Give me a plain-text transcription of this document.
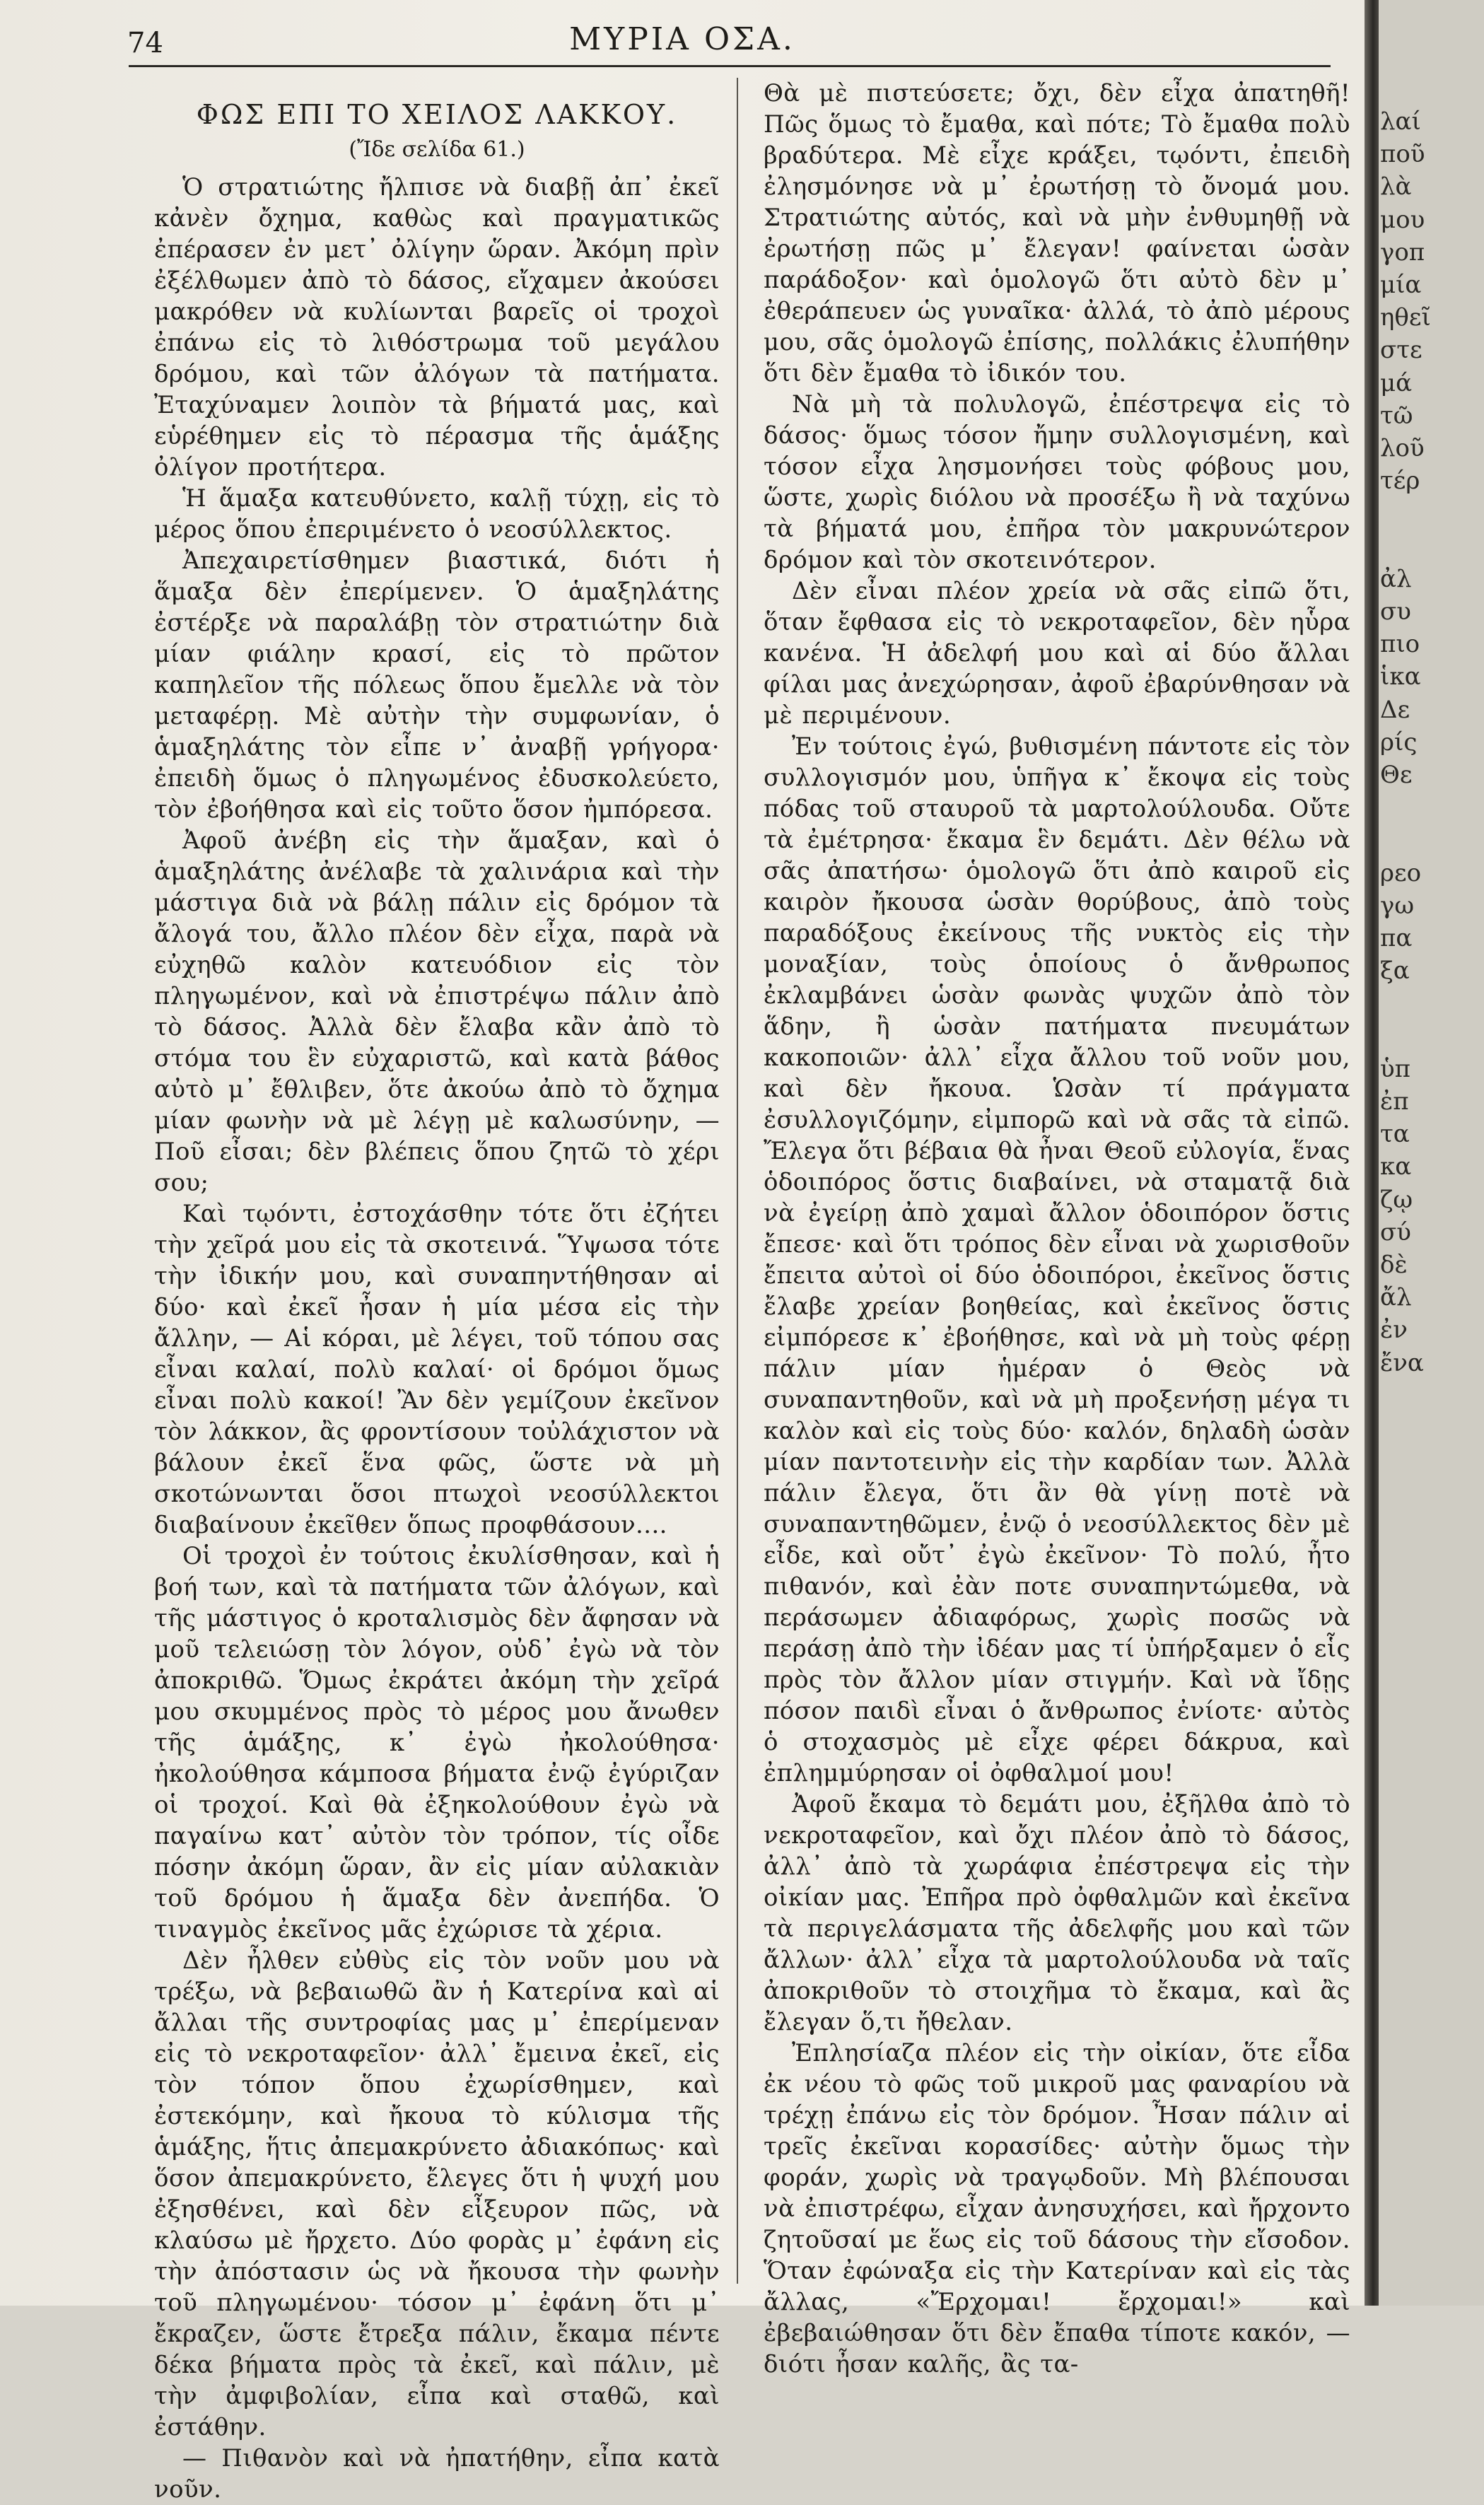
74	ΜΥΡΙΑ ΟΣΑ.
ΦΩΣ ΕΠΙ ΤΟ ΧΕΙΛΟΣ ΛΑΚΚΟΥ.
(Ἴδε σελίδα 61.)

Ὁ στρατιώτης ἤλπισε νὰ διαβῇ ἀπ᾽ ἐκεῖ κἀνὲν ὄχημα, καθὼς καὶ πραγματικῶς ἐπέρασεν ἐν μετ᾽ ὀλίγην ὥραν. Ἀκόμη πρὶν ἐξέλθωμεν ἀπὸ τὸ δάσος, εἴχαμεν ἀκούσει μακρόθεν νὰ κυλίωνται βαρεῖς οἱ τροχοὶ ἐπάνω εἰς τὸ λιθόστρωμα τοῦ μεγάλου δρόμου, καὶ τῶν ἀλόγων τὰ πατήματα. Ἐταχύναμεν λοιπὸν τὰ βήματά μας, καὶ εὑρέθημεν εἰς τὸ πέρασμα τῆς ἁμάξης ὀλίγον προτήτερα.

Ἡ ἅμαξα κατευθύνετο, καλῇ τύχῃ, εἰς τὸ μέρος ὅπου ἐπεριμένετο ὁ νεοσύλλεκτος.

Ἀπεχαιρετίσθημεν βιαστικά, διότι ἡ ἅμαξα δὲν ἐπερίμενεν. Ὁ ἁμαξηλάτης ἐστέρξε νὰ παραλάβῃ τὸν στρατιώτην διὰ μίαν φιάλην κρασί, εἰς τὸ πρῶτον καπηλεῖον τῆς πόλεως ὅπου ἔμελλε νὰ τὸν μεταφέρῃ. Μὲ αὐτὴν τὴν συμφωνίαν, ὁ ἁμαξηλάτης τὸν εἶπε ν᾽ ἀναβῇ γρήγορα· ἐπειδὴ ὅμως ὁ πληγωμένος ἐδυσκολεύετο, τὸν ἐβοήθησα καὶ εἰς τοῦτο ὅσον ἠμπόρεσα.

Ἀφοῦ ἀνέβη εἰς τὴν ἅμαξαν, καὶ ὁ ἁμαξηλάτης ἀνέλαβε τὰ χαλινάρια καὶ τὴν μάστιγα διὰ νὰ βάλῃ πάλιν εἰς δρόμον τὰ ἄλογά του, ἄλλο πλέον δὲν εἶχα, παρὰ νὰ εὐχηθῶ καλὸν κατευόδιον εἰς τὸν πληγωμένον, καὶ νὰ ἐπιστρέψω πάλιν ἀπὸ τὸ δάσος. Ἀλλὰ δὲν ἔλαβα κἂν ἀπὸ τὸ στόμα του ἓν εὐχαριστῶ, καὶ κατὰ βάθος αὐτὸ μ᾽ ἔθλιβεν, ὅτε ἀκούω ἀπὸ τὸ ὄχημα μίαν φωνὴν νὰ μὲ λέγῃ μὲ καλωσύνην, — Ποῦ εἶσαι; δὲν βλέπεις ὅπου ζητῶ τὸ χέρι σου;

Καὶ τῳόντι, ἐστοχάσθην τότε ὅτι ἐζήτει τὴν χεῖρά μου εἰς τὰ σκοτεινά. Ὕψωσα τότε τὴν ἰδικήν μου, καὶ συναπηντήθησαν αἱ δύο· καὶ ἐκεῖ ἦσαν ἡ μία μέσα εἰς τὴν ἄλλην, — Αἱ κόραι, μὲ λέγει, τοῦ τόπου σας εἶναι καλαί, πολὺ καλαί· οἱ δρόμοι ὅμως εἶναι πολὺ κακοί! Ἂν δὲν γεμίζουν ἐκεῖνον τὸν λάκκον, ἂς φροντίσουν τοὐλάχιστον νὰ βάλουν ἐκεῖ ἕνα φῶς, ὥστε νὰ μὴ σκοτώνωνται ὅσοι πτωχοὶ νεοσύλλεκτοι διαβαίνουν ἐκεῖθεν ὅπως προφθάσουν....

Οἱ τροχοὶ ἐν τούτοις ἐκυλίσθησαν, καὶ ἡ βοή των, καὶ τὰ πατήματα τῶν ἀλόγων, καὶ τῆς μάστιγος ὁ κροταλισμὸς δὲν ἄφησαν νὰ μοῦ τελειώσῃ τὸν λόγον, οὐδ᾽ ἐγὼ νὰ τὸν ἀποκριθῶ. Ὅμως ἐκράτει ἀκόμη τὴν χεῖρά μου σκυμμένος πρὸς τὸ μέρος μου ἄνωθεν τῆς ἁμάξης, κ᾽ ἐγὼ ἠκολούθησα· ἠκολούθησα κάμποσα βήματα ἐνῷ ἐγύριζαν οἱ τροχοί. Καὶ θὰ ἐξηκολούθουν ἐγὼ νὰ παγαίνω κατ᾽ αὐτὸν τὸν τρόπον, τίς οἶδε πόσην ἀκόμη ὥραν, ἂν εἰς μίαν αὐλακιὰν τοῦ δρόμου ἡ ἅμαξα δὲν ἀνεπήδα. Ὁ τιναγμὸς ἐκεῖνος μᾶς ἐχώρισε τὰ χέρια.

Δὲν ἦλθεν εὐθὺς εἰς τὸν νοῦν μου νὰ τρέξω, νὰ βεβαιωθῶ ἂν ἡ Κατερίνα καὶ αἱ ἄλλαι τῆς συντροφίας μας μ᾽ ἐπερίμεναν εἰς τὸ νεκροταφεῖον· ἀλλ᾽ ἔμεινα ἐκεῖ, εἰς τὸν τόπον ὅπου ἐχωρίσθημεν, καὶ ἐστεκόμην, καὶ ἤκουα τὸ κύλισμα τῆς ἁμάξης, ἥτις ἀπεμακρύνετο ἀδιακόπως· καὶ ὅσον ἀπεμακρύνετο, ἔλεγες ὅτι ἡ ψυχή μου ἐξησθένει, καὶ δὲν εἶξευρον πῶς, νὰ κλαύσω μὲ ἤρχετο. Δύο φορὰς μ᾽ ἐφάνη εἰς τὴν ἀπόστασιν ὡς νὰ ἤκουσα τὴν φωνὴν τοῦ πληγωμένου· τόσον μ᾽ ἐφάνη ὅτι μ᾽ ἔκραζεν, ὥστε ἔτρεξα πάλιν, ἔκαμα πέντε δέκα βήματα πρὸς τὰ ἐκεῖ, καὶ πάλιν, μὲ τὴν ἀμφιβολίαν, εἶπα καὶ σταθῶ, καὶ ἐστάθην.

— Πιθανὸν καὶ νὰ ἠπατήθην, εἶπα κατὰ νοῦν.

Θὰ μὲ πιστεύσετε; ὄχι, δὲν εἶχα ἀπατηθῆ! Πῶς ὅμως τὸ ἔμαθα, καὶ πότε; Τὸ ἔμαθα πολὺ βραδύτερα. Μὲ εἶχε κράξει, τῳόντι, ἐπειδὴ ἐλησμόνησε νὰ μ᾽ ἐρωτήσῃ τὸ ὄνομά μου. Στρατιώτης αὐτός, καὶ νὰ μὴν ἐνθυμηθῇ νὰ ἐρωτήσῃ πῶς μ᾽ ἔλεγαν! φαίνεται ὡσὰν παράδοξον· καὶ ὁμολογῶ ὅτι αὐτὸ δὲν μ᾽ ἐθεράπευεν ὡς γυναῖκα· ἀλλά, τὸ ἀπὸ μέρους μου, σᾶς ὁμολογῶ ἐπίσης, πολλάκις ἐλυπήθην ὅτι δὲν ἔμαθα τὸ ἰδικόν του.

Νὰ μὴ τὰ πολυλογῶ, ἐπέστρεψα εἰς τὸ δάσος· ὅμως τόσον ἤμην συλλογισμένη, καὶ τόσον εἶχα λησμονήσει τοὺς φόβους μου, ὥστε, χωρὶς διόλου νὰ προσέξω ἢ νὰ ταχύνω τὰ βήματά μου, ἐπῆρα τὸν μακρυνώτερον δρόμον καὶ τὸν σκοτεινότερον.

Δὲν εἶναι πλέον χρεία νὰ σᾶς εἰπῶ ὅτι, ὅταν ἔφθασα εἰς τὸ νεκροταφεῖον, δὲν ηὗρα κανένα. Ἡ ἀδελφή μου καὶ αἱ δύο ἄλλαι φίλαι μας ἀνεχώρησαν, ἀφοῦ ἐβαρύνθησαν νὰ μὲ περιμένουν.

Ἐν τούτοις ἐγώ, βυθισμένη πάντοτε εἰς τὸν συλλογισμόν μου, ὑπῆγα κ᾽ ἔκοψα εἰς τοὺς πόδας τοῦ σταυροῦ τὰ μαρτολούλουδα. Οὔτε τὰ ἐμέτρησα· ἔκαμα ἓν δεμάτι. Δὲν θέλω νὰ σᾶς ἀπατήσω· ὁμολογῶ ὅτι ἀπὸ καιροῦ εἰς καιρὸν ἤκουσα ὡσὰν θορύβους, ἀπὸ τοὺς παραδόξους ἐκείνους τῆς νυκτὸς εἰς τὴν μοναξίαν, τοὺς ὁποίους ὁ ἄνθρωπος ἐκλαμβάνει ὡσὰν φωνὰς ψυχῶν ἀπὸ τὸν ἅδην, ἢ ὡσὰν πατήματα πνευμάτων κακοποιῶν· ἀλλ᾽ εἶχα ἄλλου τοῦ νοῦν μου, καὶ δὲν ἤκουα. Ὡσὰν τί πράγματα ἐσυλλογιζόμην, εἰμπορῶ καὶ νὰ σᾶς τὰ εἰπῶ. Ἔλεγα ὅτι βέβαια θὰ ἦναι Θεοῦ εὐλογία, ἕνας ὁδοιπόρος ὅστις διαβαίνει, νὰ σταματᾷ διὰ νὰ ἐγείρῃ ἀπὸ χαμαὶ ἄλλον ὁδοιπόρον ὅστις ἔπεσε· καὶ ὅτι τρόπος δὲν εἶναι νὰ χωρισθοῦν ἔπειτα αὐτοὶ οἱ δύο ὁδοιπόροι, ἐκεῖνος ὅστις ἔλαβε χρείαν βοηθείας, καὶ ἐκεῖνος ὅστις εἰμπόρεσε κ᾽ ἐβοήθησε, καὶ νὰ μὴ τοὺς φέρῃ πάλιν μίαν ἡμέραν ὁ Θεὸς νὰ συναπαντηθοῦν, καὶ νὰ μὴ προξενήσῃ μέγα τι καλὸν καὶ εἰς τοὺς δύο· καλόν, δηλαδὴ ὡσὰν μίαν παντοτεινὴν εἰς τὴν καρδίαν των. Ἀλλὰ πάλιν ἔλεγα, ὅτι ἂν θὰ γίνῃ ποτὲ νὰ συναπαντηθῶμεν, ἐνῷ ὁ νεοσύλλεκτος δὲν μὲ εἶδε, καὶ οὔτ᾽ ἐγὼ ἐκεῖνον· Τὸ πολύ, ἦτο πιθανόν, καὶ ἐὰν ποτε συναπηντώμεθα, νὰ περάσωμεν ἀδιαφόρως, χωρὶς ποσῶς νὰ περάσῃ ἀπὸ τὴν ἰδέαν μας τί ὑπήρξαμεν ὁ εἷς πρὸς τὸν ἄλλον μίαν στιγμήν. Καὶ νὰ ἴδῃς πόσον παιδὶ εἶναι ὁ ἄνθρωπος ἐνίοτε· αὐτὸς ὁ στοχασμὸς μὲ εἶχε φέρει δάκρυα, καὶ ἐπλημμύρησαν οἱ ὀφθαλμοί μου!

Ἀφοῦ ἔκαμα τὸ δεμάτι μου, ἐξῆλθα ἀπὸ τὸ νεκροταφεῖον, καὶ ὄχι πλέον ἀπὸ τὸ δάσος, ἀλλ᾽ ἀπὸ τὰ χωράφια ἐπέστρεψα εἰς τὴν οἰκίαν μας. Ἐπῆρα πρὸ ὀφθαλμῶν καὶ ἐκεῖνα τὰ περιγελάσματα τῆς ἀδελφῆς μου καὶ τῶν ἄλλων· ἀλλ᾽ εἶχα τὰ μαρτολούλουδα νὰ ταῖς ἀποκριθοῦν τὸ στοιχῆμα τὸ ἔκαμα, καὶ ἂς ἔλεγαν ὅ,τι ἤθελαν.

Ἐπλησίαζα πλέον εἰς τὴν οἰκίαν, ὅτε εἶδα ἐκ νέου τὸ φῶς τοῦ μικροῦ μας φαναρίου νὰ τρέχῃ ἐπάνω εἰς τὸν δρόμον. Ἦσαν πάλιν αἱ τρεῖς ἐκεῖναι κορασίδες· αὐτὴν ὅμως τὴν φοράν, χωρὶς νὰ τραγῳδοῦν. Μὴ βλέπουσαι νὰ ἐπιστρέφω, εἶχαν ἀνησυχήσει, καὶ ἤρχοντο ζητοῦσαί με ἕως εἰς τοῦ δάσους τὴν εἴσοδον. Ὅταν ἐφώναξα εἰς τὴν Κατερίναν καὶ εἰς τὰς ἄλλας, «Ἔρχομαι! ἔρχομαι!» καὶ ἐβεβαιώθησαν ὅτι δὲν ἔπαθα τίποτε κακόν, — διότι ἦσαν καλῆς, ἂς τα-

λαί
ποῦ
λὰ
μου
γοπ
μία
ηθεῖ
στε
μά
τῶ
λοῦ
τέρ
ἀλ
συ
πιο
ἱκα
Δε
ρίς
Θε
ρεο
γω
πα
ξα
ὑπ
ἐπ
τα
κα
ζῳ
σύ
δὲ
ἄλ
ἐν
ἔνα
